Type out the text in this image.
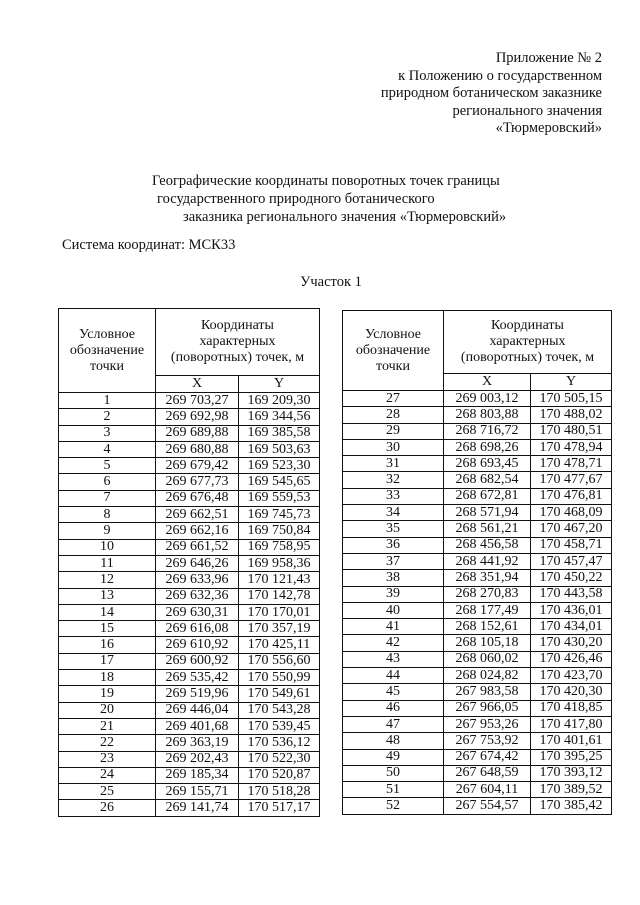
Приложение № 2
к Положению о государственном
природном ботаническом заказнике
регионального значения
«Тюрмеровский»
Географические координаты поворотных точек границы
государственного природного ботанического
заказника регионального значения «Тюрмеровский»
Система координат: МСК33
Участок 1
Условное обозначение точки	Координаты характерных (поворотных) точек, м	
	X	Y
1	269 703,27	169 209,30
2	269 692,98	169 344,56
3	269 689,88	169 385,58
4	269 680,88	169 503,63
5	269 679,42	169 523,30
6	269 677,73	169 545,65
7	269 676,48	169 559,53
8	269 662,51	169 745,73
9	269 662,16	169 750,84
10	269 661,52	169 758,95
11	269 646,26	169 958,36
12	269 633,96	170 121,43
13	269 632,36	170 142,78
14	269 630,31	170 170,01
15	269 616,08	170 357,19
16	269 610,92	170 425,11
17	269 600,92	170 556,60
18	269 535,42	170 550,99
19	269 519,96	170 549,61
20	269 446,04	170 543,28
21	269 401,68	170 539,45
22	269 363,19	170 536,12
23	269 202,43	170 522,30
24	269 185,34	170 520,87
25	269 155,71	170 518,28
26	269 141,74	170 517,17
Условное обозначение точки	Координаты характерных (поворотных) точек, м	
	X	Y
27	269 003,12	170 505,15
28	268 803,88	170 488,02
29	268 716,72	170 480,51
30	268 698,26	170 478,94
31	268 693,45	170 478,71
32	268 682,54	170 477,67
33	268 672,81	170 476,81
34	268 571,94	170 468,09
35	268 561,21	170 467,20
36	268 456,58	170 458,71
37	268 441,92	170 457,47
38	268 351,94	170 450,22
39	268 270,83	170 443,58
40	268 177,49	170 436,01
41	268 152,61	170 434,01
42	268 105,18	170 430,20
43	268 060,02	170 426,46
44	268 024,82	170 423,70
45	267 983,58	170 420,30
46	267 966,05	170 418,85
47	267 953,26	170 417,80
48	267 753,92	170 401,61
49	267 674,42	170 395,25
50	267 648,59	170 393,12
51	267 604,11	170 389,52
52	267 554,57	170 385,42
